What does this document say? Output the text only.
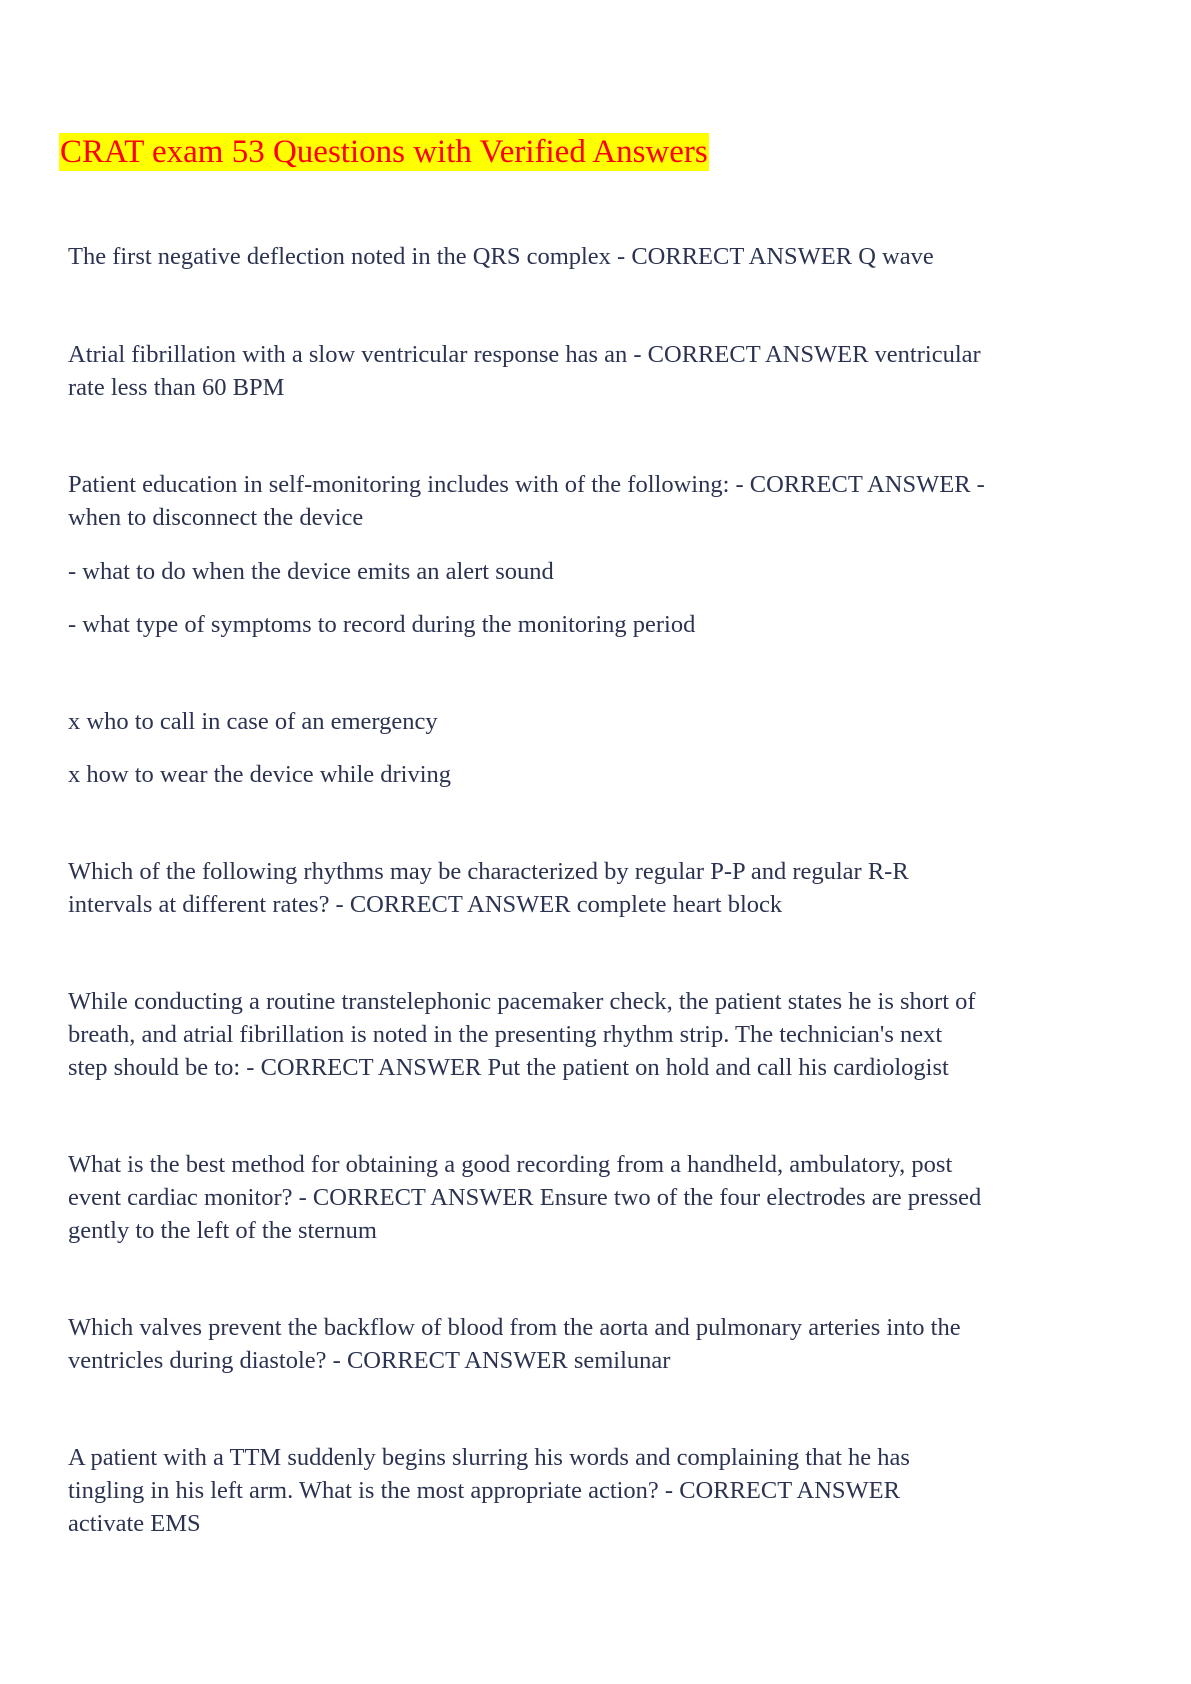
CRAT exam 53 Questions with Verified Answers

The first negative deflection noted in the QRS complex - CORRECT ANSWER Q wave

Atrial fibrillation with a slow ventricular response has an - CORRECT ANSWER ventricular
rate less than 60 BPM

Patient education in self-monitoring includes with of the following: - CORRECT ANSWER -
when to disconnect the device

- what to do when the device emits an alert sound

- what type of symptoms to record during the monitoring period

x who to call in case of an emergency

x how to wear the device while driving

Which of the following rhythms may be characterized by regular P-P and regular R-R
intervals at different rates? - CORRECT ANSWER complete heart block

While conducting a routine transtelephonic pacemaker check, the patient states he is short of
breath, and atrial fibrillation is noted in the presenting rhythm strip. The technician's next
step should be to: - CORRECT ANSWER Put the patient on hold and call his cardiologist

What is the best method for obtaining a good recording from a handheld, ambulatory, post
event cardiac monitor? - CORRECT ANSWER Ensure two of the four electrodes are pressed
gently to the left of the sternum

Which valves prevent the backflow of blood from the aorta and pulmonary arteries into the
ventricles during diastole? - CORRECT ANSWER semilunar

A patient with a TTM suddenly begins slurring his words and complaining that he has
tingling in his left arm. What is the most appropriate action? - CORRECT ANSWER
activate EMS
